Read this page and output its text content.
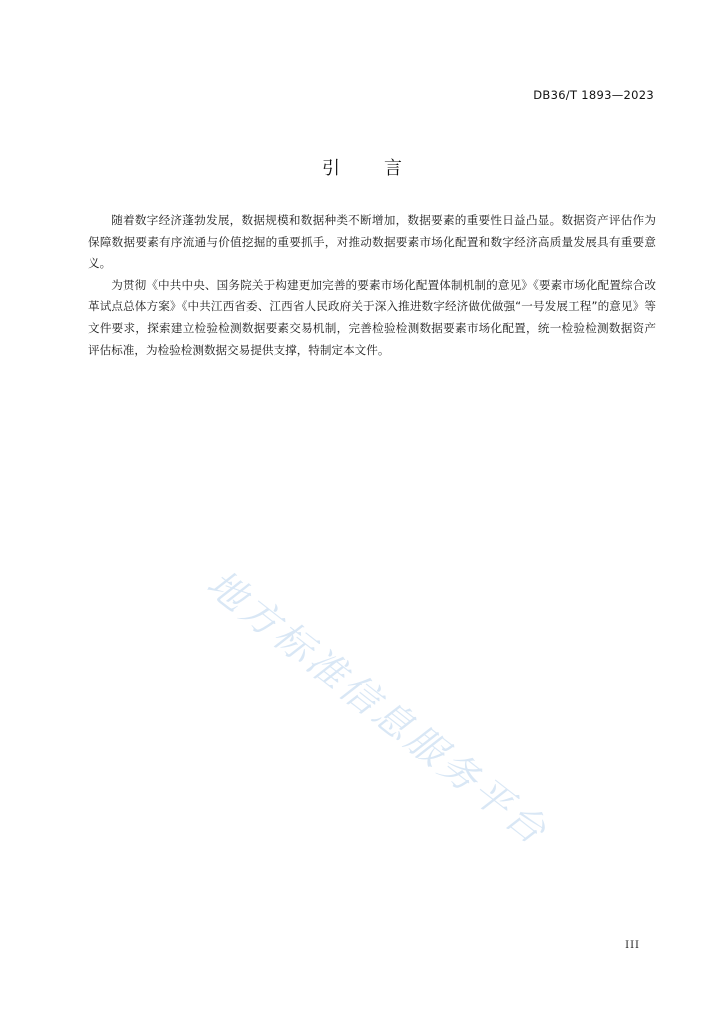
DB36/T 1893—2023
引 言

随着数字经济蓬勃发展，数据规模和数据种类不断增加，数据要素的重要性日益凸显。数据资产评估作为保障数据要素有序流通与价值挖掘的重要抓手，对推动数据要素市场化配置和数字经济高质量发展具有重要意义。

为贯彻《中共中央、国务院关于构建更加完善的要素市场化配置体制机制的意见》《要素市场化配置综合改革试点总体方案》《中共江西省委、江西省人民政府关于深入推进数字经济做优做强“一号发展工程”的意见》等文件要求，探索建立检验检测数据要素交易机制，完善检验检测数据要素市场化配置，统一检验检测数据资产评估标准，为检验检测数据交易提供支撑，特制定本文件。

地方标准信息服务平台
III
